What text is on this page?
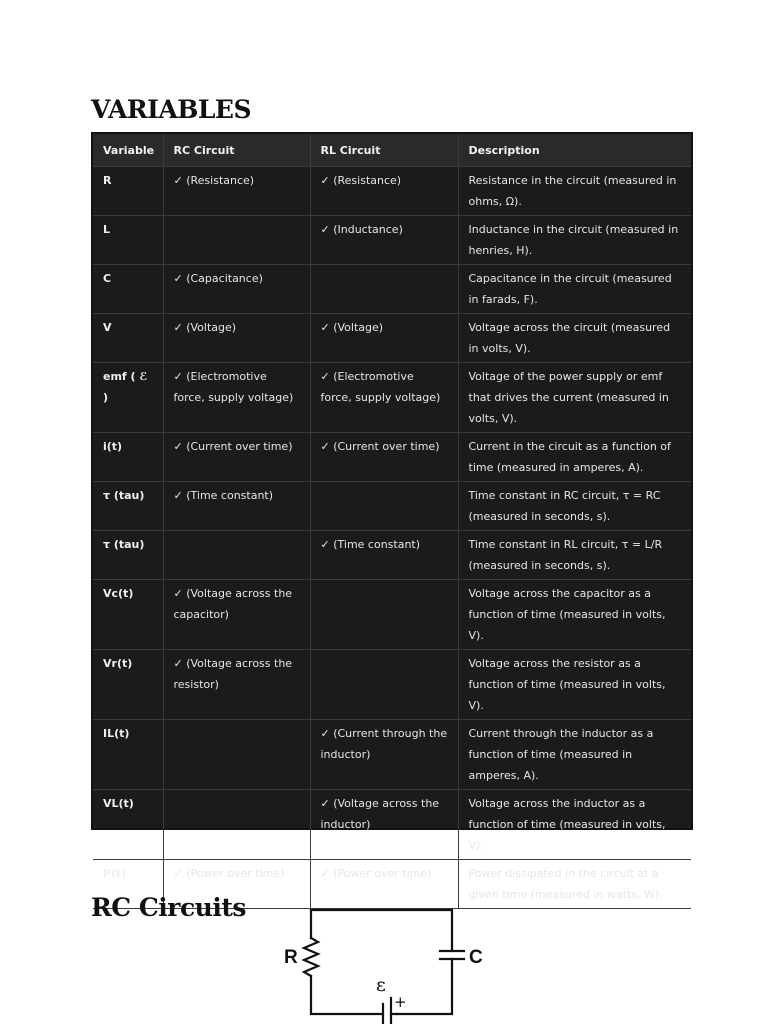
VARIABLES
Variable	RC Circuit	RL Circuit	Description
R	✓ (Resistance)	✓ (Resistance)	Resistance in the circuit (measured in ohms, Ω).
L		✓ (Inductance)	Inductance in the circuit (measured in henries, H).
C	✓ (Capacitance)		Capacitance in the circuit (measured in farads, F).
V	✓ (Voltage)	✓ (Voltage)	Voltage across the circuit (measured in volts, V).
emf ( ℰ )	✓ (Electromotive force, supply voltage)	✓ (Electromotive force, supply voltage)	Voltage of the power supply or emf that drives the current (measured in volts, V).
i(t)	✓ (Current over time)	✓ (Current over time)	Current in the circuit as a function of time (measured in amperes, A).
τ (tau)	✓ (Time constant)		Time constant in RC circuit, τ = RC (measured in seconds, s).
τ (tau)		✓ (Time constant)	Time constant in RL circuit, τ = L/R (measured in seconds, s).
Vc(t)	✓ (Voltage across the capacitor)		Voltage across the capacitor as a function of time (measured in volts, V).
Vr(t)	✓ (Voltage across the resistor)		Voltage across the resistor as a function of time (measured in volts, V).
IL(t)		✓ (Current through the inductor)	Current through the inductor as a function of time (measured in amperes, A).
VL(t)		✓ (Voltage across the inductor)	Voltage across the inductor as a function of time (measured in volts, V).
P(t)	✓ (Power over time)	✓ (Power over time)	Power dissipated in the circuit at a given time (measured in watts, W).
RC Circuits
R	C
ε
+
